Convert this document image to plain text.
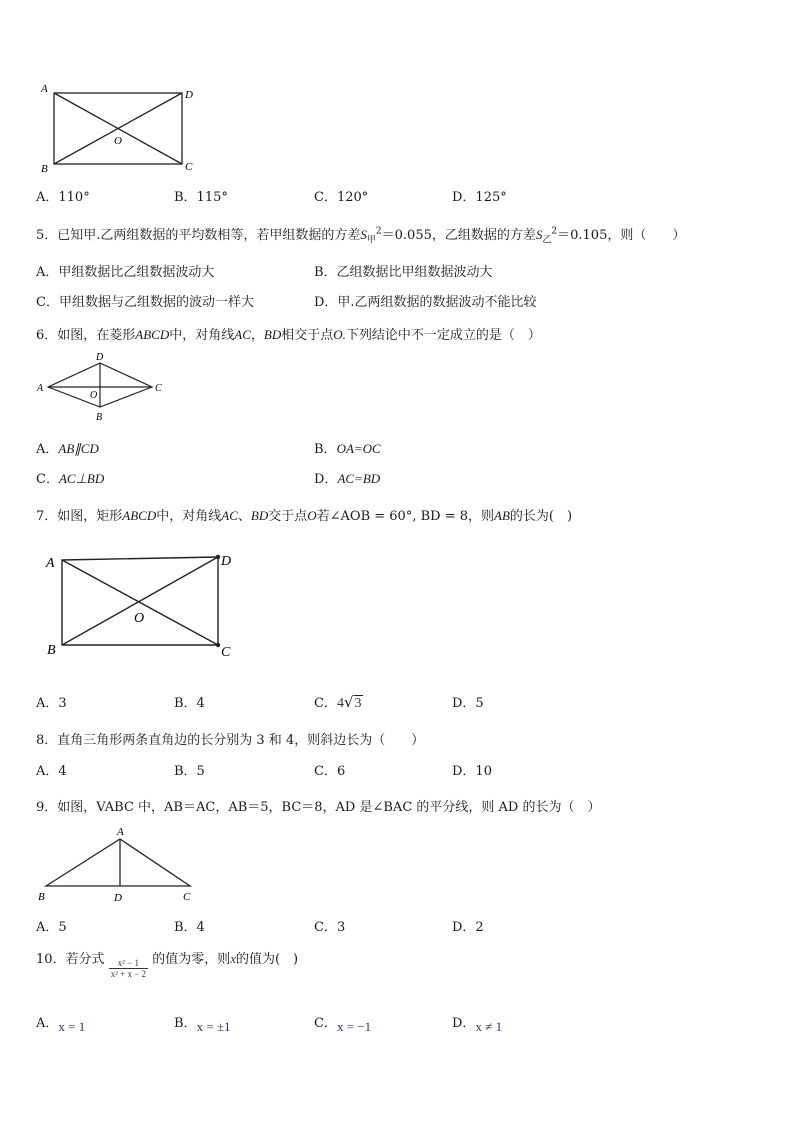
A	D
B	C
O
A．110°	B．115°	C．120°	D．125°
5．已知甲.乙两组数据的平均数相等，若甲组数据的方差$S_甲^2=0.055$，乙组数据的方差$S_乙^2=0.105$，则（　　）
A．甲组数据比乙组数据波动大	B．乙组数据比甲组数据波动大
C．甲组数据与乙组数据的波动一样大	D．甲.乙两组数据的数据波动不能比较
6．如图，在菱形ABCD中，对角线AC，BD相交于点O.下列结论中不一定成立的是（　）
D
A	C
O
B
A．AB∥CD	B．OA=OC
C．AC⊥BD	D．AC=BD
7．如图，矩形ABCD中，对角线AC、BD交于点O若∠AOB = 60°, BD = 8，则AB的长为(　)
A	D
B	C
O
A．3	B．4	C．4√3	D．5
8．直角三角形两条直角边的长分别为 3 和 4，则斜边长为（　　）
A．4	B．5	C．6	D．10
9．如图，VABC 中，AB＝AC，AB＝5，BC＝8，AD 是∠BAC 的平分线，则 AD 的长为（　）
A
B	D	C
A．5	B．4	C．3	D．2
10．若分式 $\frac{\text{x² − 1}}{\text{x² + x − 2}}$ 的值为零，则x的值为(　)
A．x = 1	B．x = ±1	C．x = −1	D．x ≠ 1
